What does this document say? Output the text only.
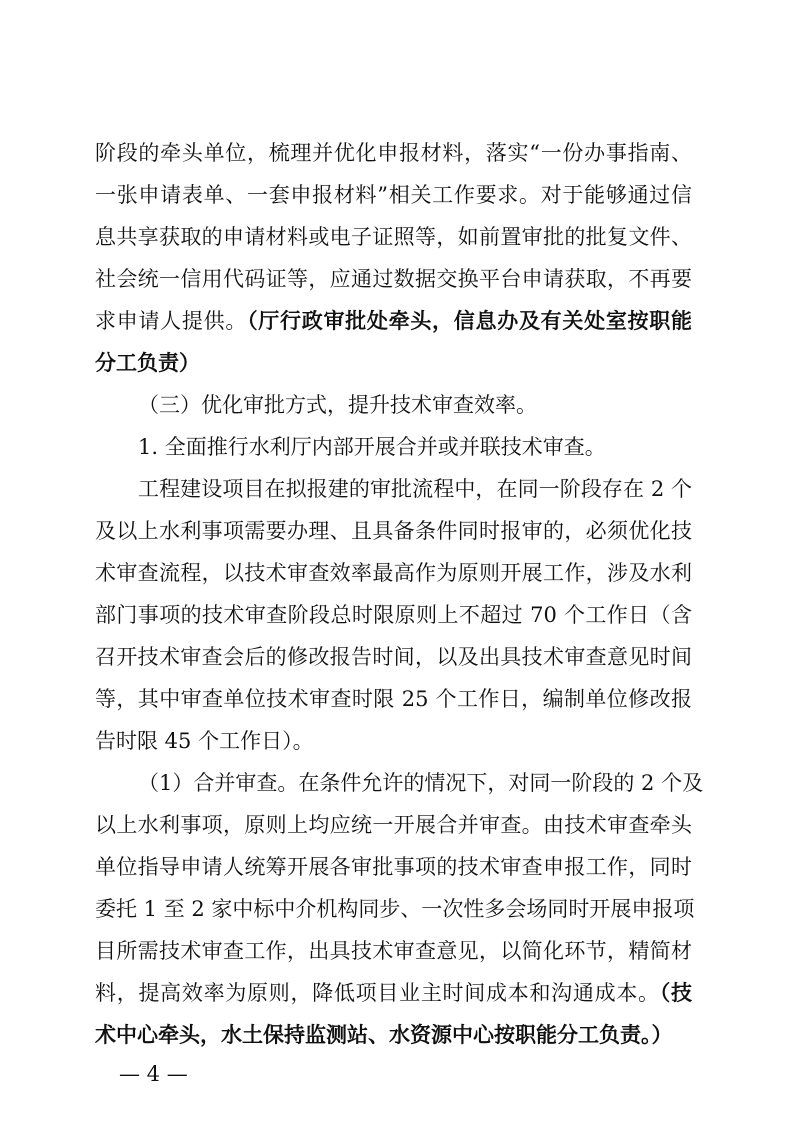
阶段的牵头单位，梳理并优化申报材料，落实“一份办事指南、
一张申请表单、一套申报材料”相关工作要求。对于能够通过信
息共享获取的申请材料或电子证照等，如前置审批的批复文件、
社会统一信用代码证等，应通过数据交换平台申请获取，不再要
求申请人提供。（厅行政审批处牵头，信息办及有关处室按职能
分工负责）
（三）优化审批方式，提升技术审查效率。
1. 全面推行水利厅内部开展合并或并联技术审查。
工程建设项目在拟报建的审批流程中，在同一阶段存在 2 个
及以上水利事项需要办理、且具备条件同时报审的，必须优化技
术审查流程，以技术审查效率最高作为原则开展工作，涉及水利
部门事项的技术审查阶段总时限原则上不超过 70 个工作日（含
召开技术审查会后的修改报告时间，以及出具技术审查意见时间
等，其中审查单位技术审查时限 25 个工作日，编制单位修改报
告时限 45 个工作日）。
（1）合并审查。在条件允许的情况下，对同一阶段的 2 个及
以上水利事项，原则上均应统一开展合并审查。由技术审查牵头
单位指导申请人统筹开展各审批事项的技术审查申报工作，同时
委托 1 至 2 家中标中介机构同步、一次性多会场同时开展申报项
目所需技术审查工作，出具技术审查意见，以简化环节，精简材
料，提高效率为原则，降低项目业主时间成本和沟通成本。（技
术中心牵头，水土保持监测站、水资源中心按职能分工负责。）
— 4 —
